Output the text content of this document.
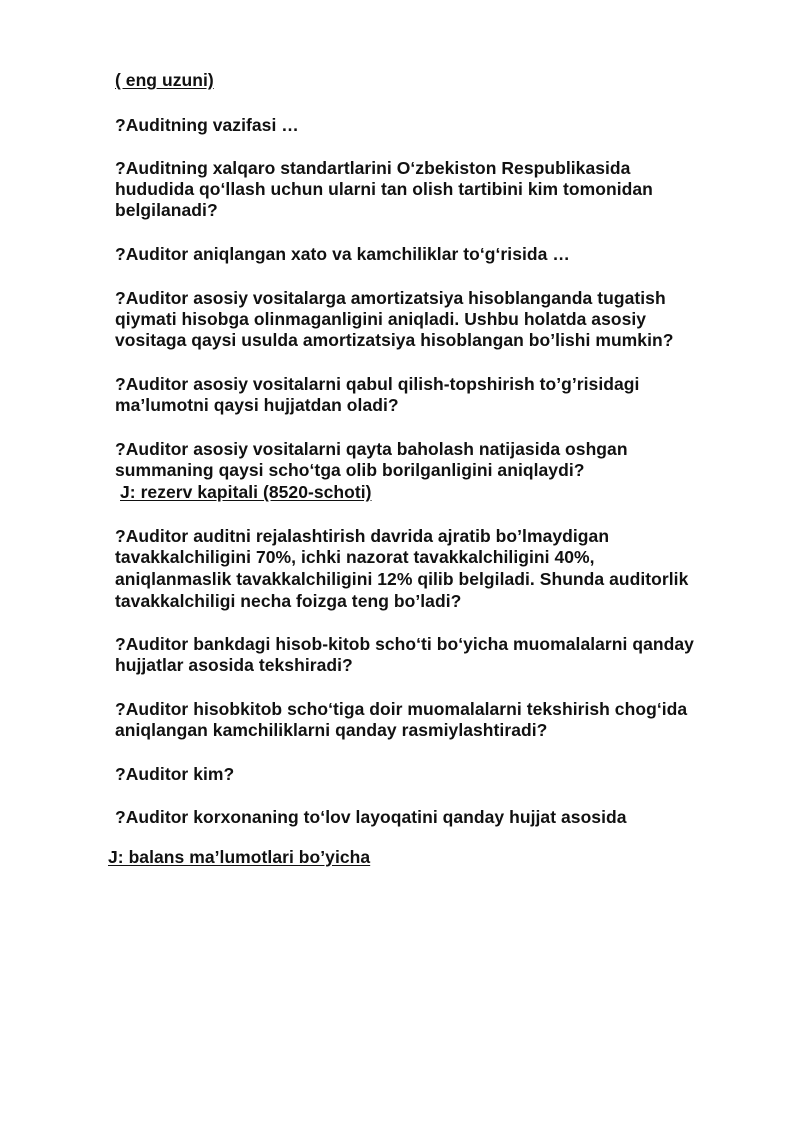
( eng uzuni)
?Auditning vazifasi …
?Auditning xalqaro standartlarini O‘zbekiston Respublikasida
hududida qo‘llash uchun ularni tan olish tartibini kim tomonidan
belgilanadi?
?Auditor aniqlangan xato va kamchiliklar to‘g‘risida …
?Auditor asosiy vositalarga amortizatsiya hisoblanganda tugatish
qiymati hisobga olinmaganligini aniqladi. Ushbu holatda asosiy
vositaga qaysi usulda amortizatsiya hisoblangan bo’lishi mumkin?
?Auditor asosiy vositalarni qabul qilish-topshirish to’g’risidagi
ma’lumotni qaysi hujjatdan oladi?
?Auditor asosiy vositalarni qayta baholash natijasida oshgan
summaning qaysi scho‘tga olib borilganligini aniqlaydi?
J: rezerv kapitali (8520-schoti)
?Auditor auditni rejalashtirish davrida ajratib bo’lmaydigan
tavakkalchiligini 70%, ichki nazorat tavakkalchiligini 40%,
aniqlanmaslik tavakkalchiligini 12% qilib belgiladi. Shunda auditorlik
tavakkalchiligi necha foizga teng bo’ladi?
?Auditor bankdagi hisob-kitob scho‘ti bo‘yicha muomalalarni qanday
hujjatlar asosida tekshiradi?
?Auditor hisobkitob scho‘tiga doir muomalalarni tekshirish chog‘ida
aniqlangan kamchiliklarni qanday rasmiylashtiradi?
?Auditor kim?
?Auditor korxonaning to‘lov layoqatini qanday hujjat asosida
J: balans ma’lumotlari bo’yicha
